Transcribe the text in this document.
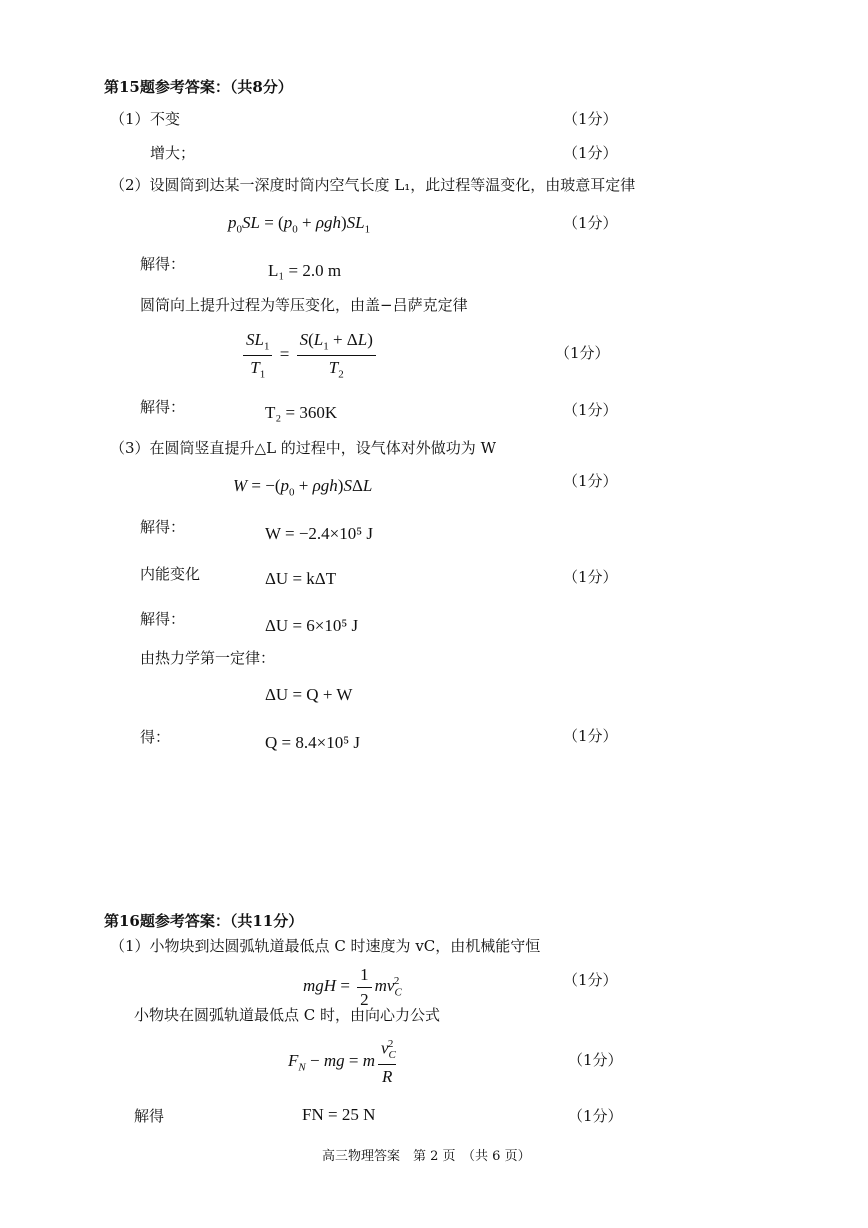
第15题参考答案：（共8分）
（1） 不变	（1分）
增大；	（1分）
（2）设圆筒到达某一深度时筒内空气长度 L₁，此过程等温变化，由玻意耳定律
$p_0SL = (p_0 + \rho gh)SL_1$	（1分）
解得：	L₁ = 2.0 m
圆筒向上提升过程为等压变化，由盖−吕萨克定律
$\frac{SL_1}{T_1} = \frac{S(L_1 + \Delta L)}{T_2}$	（1分）
解得：	T₂ = 360K	（1分）
（3）在圆筒竖直提升△L 的过程中，设气体对外做功为 W
$W = -(p_0 + \rho gh)S\Delta L$	（1分）
解得：	W = −2.4×10⁵ J
内能变化	ΔU = kΔT	（1分）
解得：	ΔU = 6×10⁵ J
由热力学第一定律：
ΔU = Q + W
得：	Q = 8.4×10⁵ J	（1分）
第16题参考答案：（共11分）
（1）小物块到达圆弧轨道最低点 C 时速度为 vC，由机械能守恒
mgH = $\frac{1}{2} mv_C^2$	（1分）
小物块在圆弧轨道最低点 C 时，由向心力公式
$F_N$ − mg = m $\frac{v_C^2}{R}$	（1分）
解得	FN = 25 N	（1分）
高三物理答案　第 2 页　（共 6 页）
